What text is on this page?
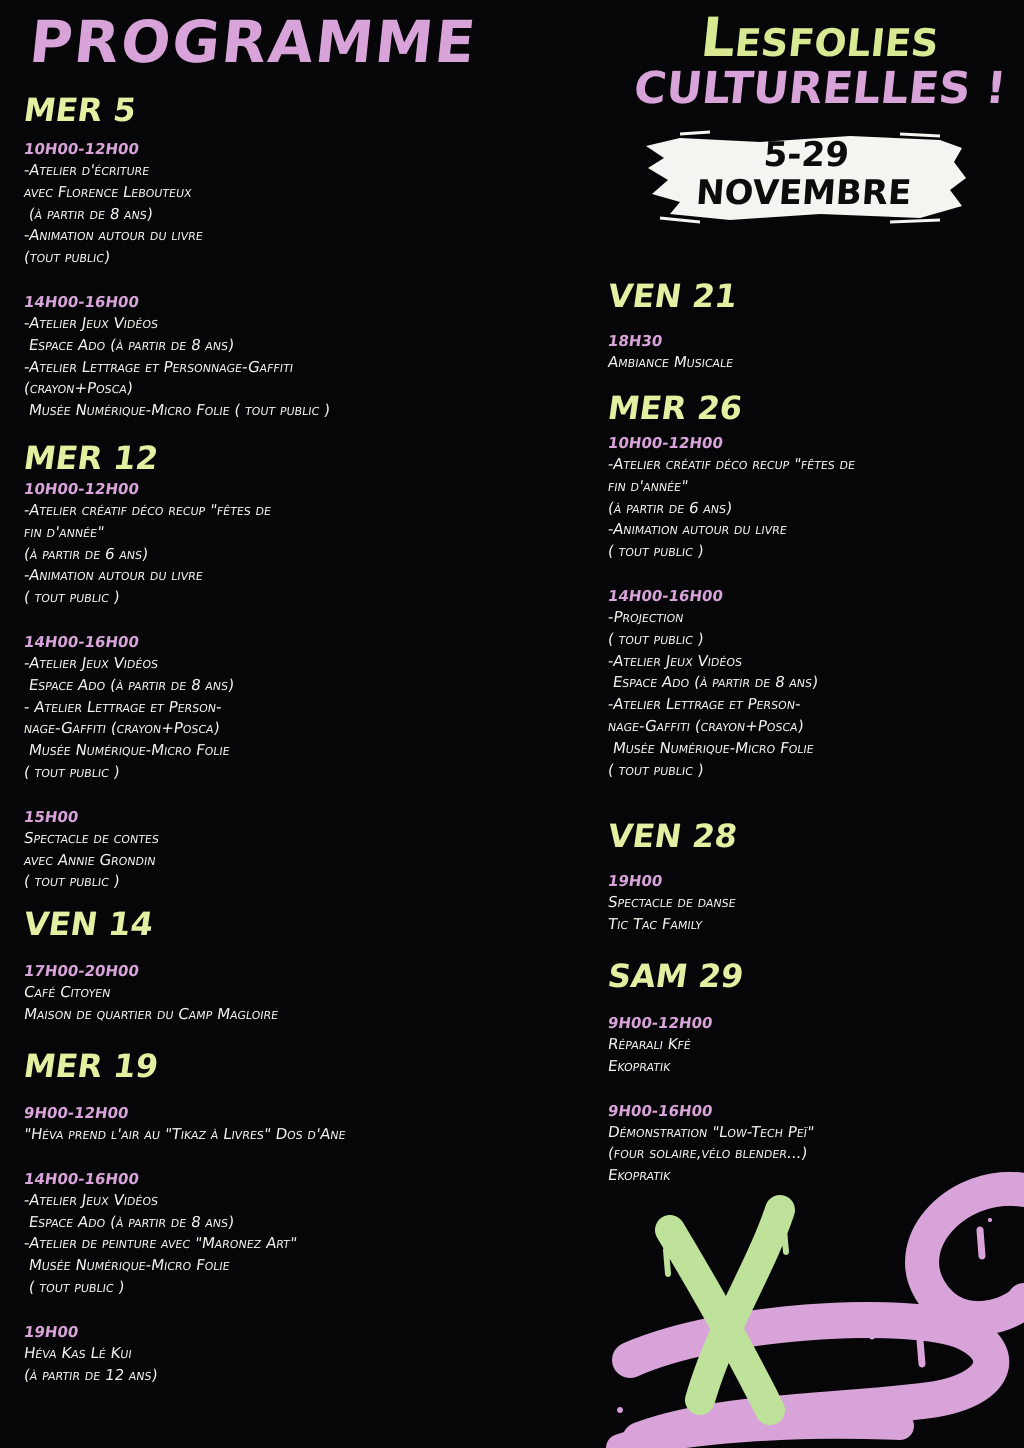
PROGRAMME	Lesfolies
CULTURELLES !
5-29
NOVEMBRE
MER 5
10H00-12H00
-Atelier d'écriture
avec Florence Lebouteux
(à partir de 8 ans)
-Animation autour du livre
(tout public)
14H00-16H00
-Atelier Jeux Vidéos
Espace Ado (à partir de 8 ans)
-Atelier Lettrage et Personnage-Gaffiti
(crayon+Posca)
Musée Numérique-Micro Folie ( tout public )
MER 12
10H00-12H00
-Atelier créatif déco recup "fêtes de
fin d'année"
(à partir de 6 ans)
-Animation autour du livre
( tout public )
14H00-16H00
-Atelier Jeux Vidéos
Espace Ado (à partir de 8 ans)
- Atelier Lettrage et Person-
nage-Gaffiti (crayon+Posca)
Musée Numérique-Micro Folie
( tout public )
15H00
Spectacle de contes
avec Annie Grondin
( tout public )
VEN 14
17H00-20H00
Café Citoyen
Maison de quartier du Camp Magloire
MER 19
9H00-12H00
"Héva prend l'air au "Tikaz à Livres" Dos d'Ane
14H00-16H00
-Atelier Jeux Vidéos
Espace Ado (à partir de 8 ans)
-Atelier de peinture avec "Maronez Art"
Musée Numérique-Micro Folie
( tout public )
19H00
Héva Kas Lé Kui
(à partir de 12 ans)
VEN 21
18H30
Ambiance Musicale
MER 26
10H00-12H00
-Atelier créatif déco recup "fêtes de
fin d'année"
(à partir de 6 ans)
-Animation autour du livre
( tout public )
14H00-16H00
-Projection
( tout public )
-Atelier Jeux Vidéos
Espace Ado (à partir de 8 ans)
-Atelier Lettrage et Person-
nage-Gaffiti (crayon+Posca)
Musée Numérique-Micro Folie
( tout public )
VEN 28
19H00
Spectacle de danse
Tic Tac Family
SAM 29
9H00-12H00
Réparali Kfé
Ekopratik
9H00-16H00
Démonstration "Low-Tech Peï"
(four solaire,vélo blender...)
Ekopratik
